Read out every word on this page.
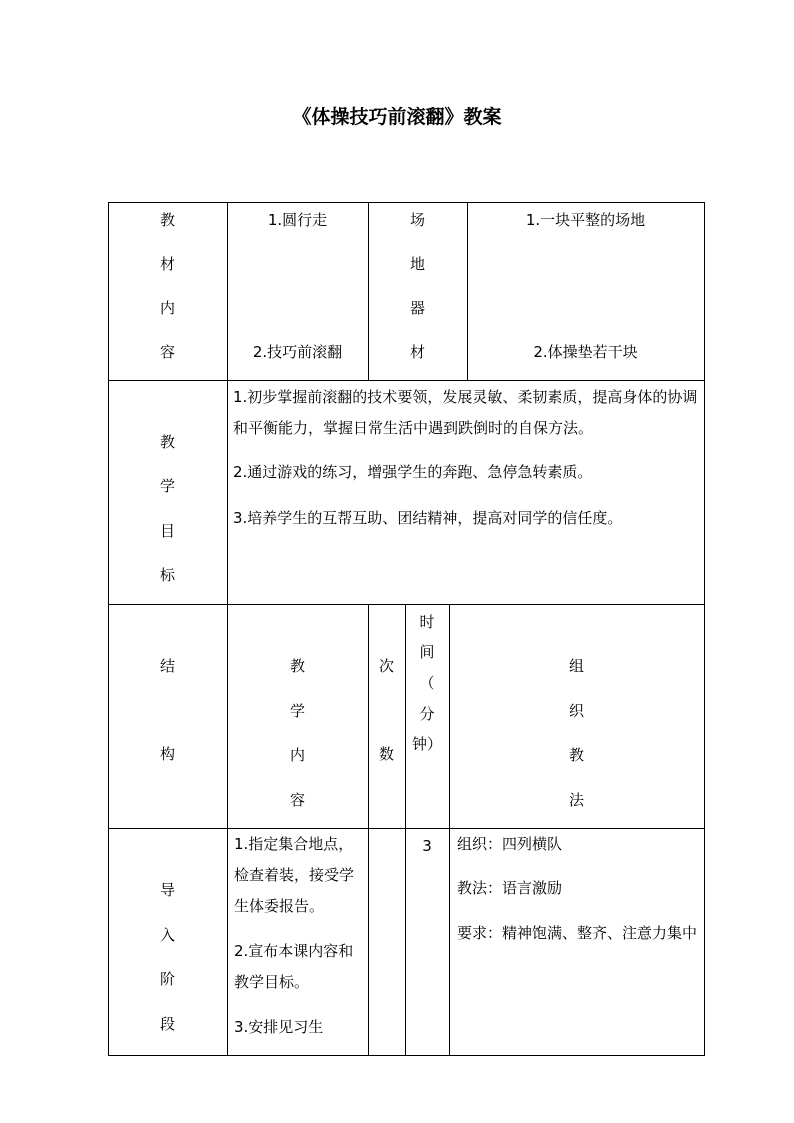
《体操技巧前滚翻》教案
教
材
内
容
1.圆行走
2.技巧前滚翻
场
地
器
材
1.一块平整的场地
2.体操垫若干块
教
学
目
标
1.初步掌握前滚翻的技术要领，发展灵敏、柔韧素质，提高身体的协调和平衡能力，掌握日常生活中遇到跌倒时的自保方法。
2.通过游戏的练习，增强学生的奔跑、急停急转素质。
3.培养学生的互帮互助、团结精神，提高对同学的信任度。
结
构
教
学
内
容
次
数
时
间
（
分
钟）
组
织
教
法
导
入
阶
段
1.指定集合地点，检查着装，接受学生体委报告。
2.宣布本课内容和教学目标。
3.安排见习生
3	组织：四列横队
教法：语言激励
要求：精神饱满、整齐、注意力集中
